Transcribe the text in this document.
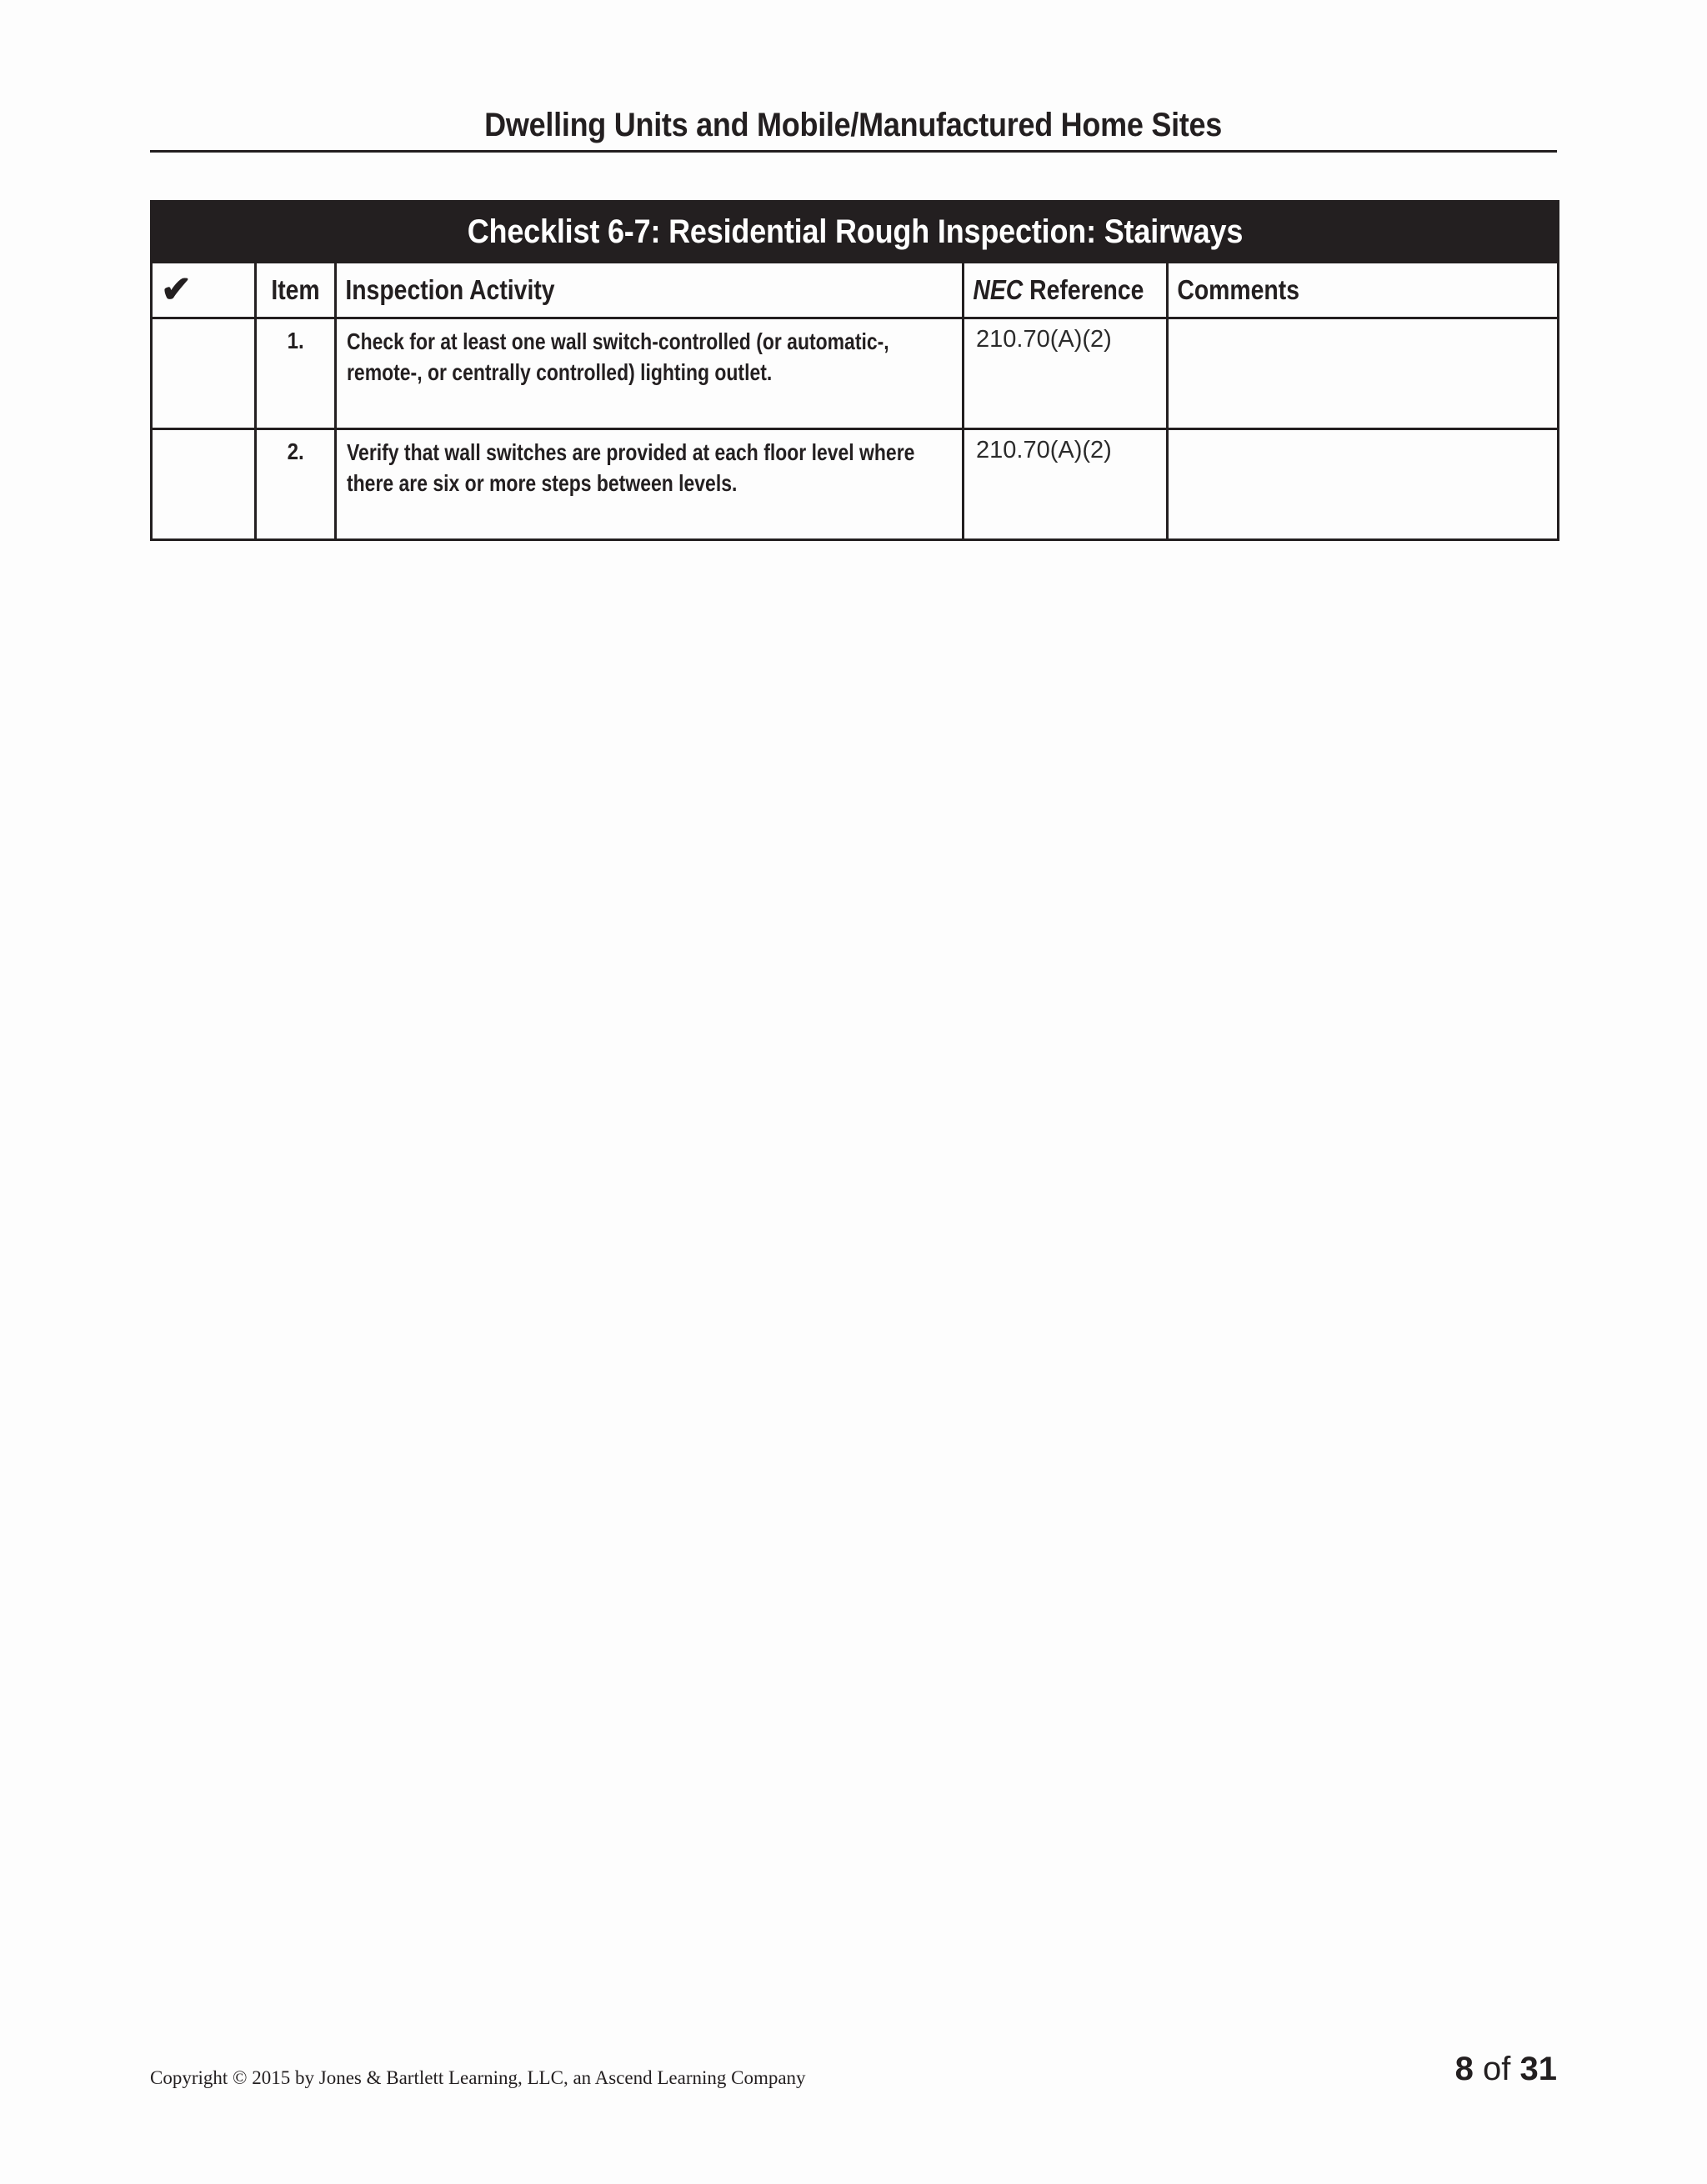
Dwelling Units and Mobile/Manufactured Home Sites
Checklist 6-7: Residential Rough Inspection: Stairways				
✔	Item	Inspection Activity	NEC Reference	Comments
	1.	Check for at least one wall switch-controlled (or automatic-, remote-, or centrally controlled) lighting outlet.	210.70(A)(2)	
	2.	Verify that wall switches are provided at each floor level where there are six or more steps between levels.	210.70(A)(2)	
Copyright © 2015 by Jones & Bartlett Learning, LLC, an Ascend Learning Company	8 of 31
